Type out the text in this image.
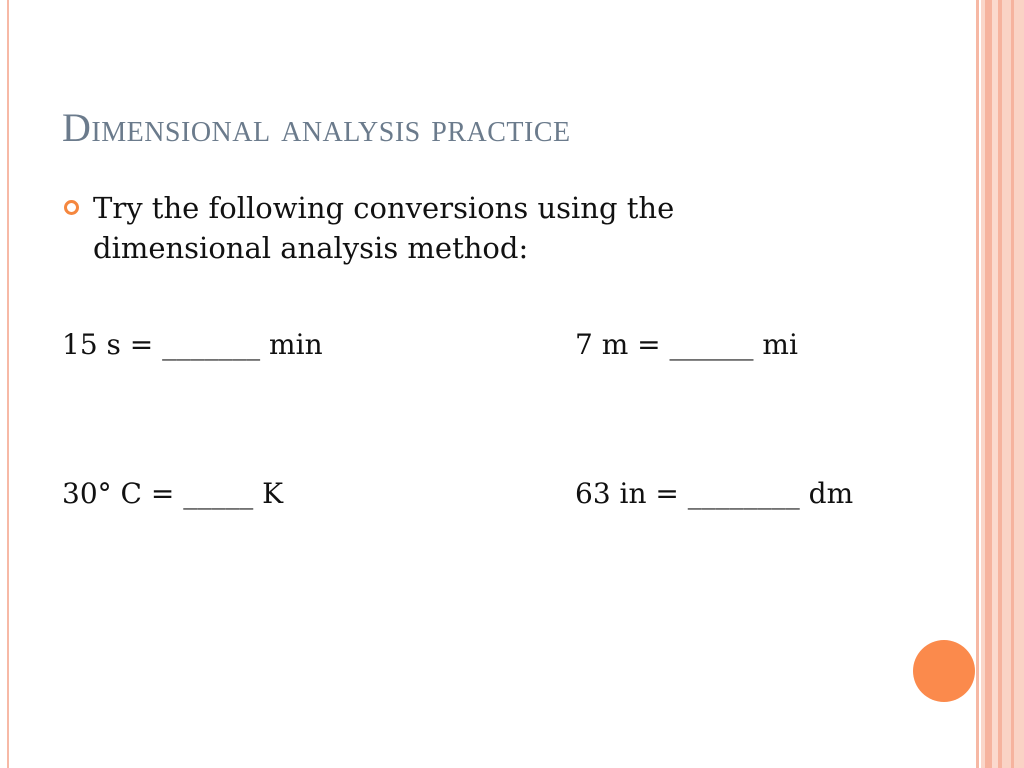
Dimensional analysis practice
Try the following conversions using the
dimensional analysis method:
15 s = _______ min	7 m = ______ mi
30° C = _____ K	63 in = ________ dm
